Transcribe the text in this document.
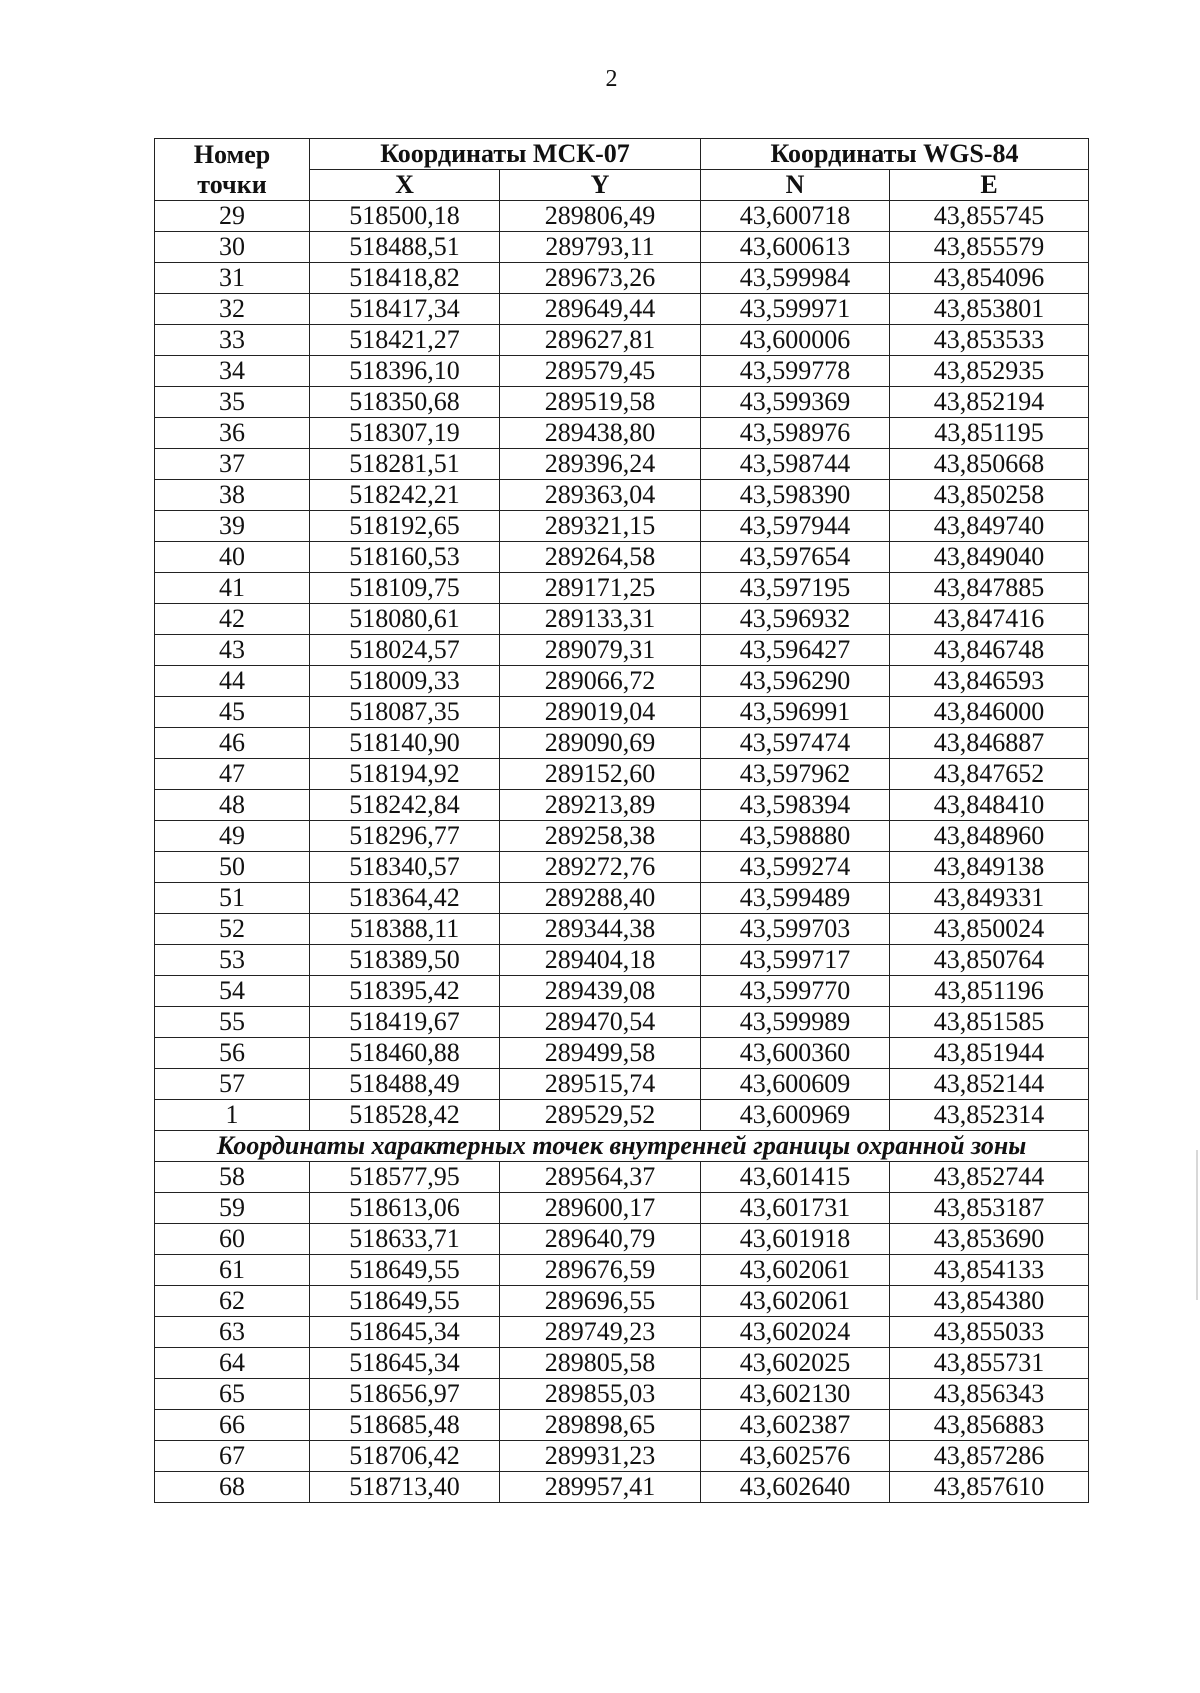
2
Номер
точки	Координаты МСК-07		Координаты WGS-84	
	X	Y	N	E
29	518500,18	289806,49	43,600718	43,855745
30	518488,51	289793,11	43,600613	43,855579
31	518418,82	289673,26	43,599984	43,854096
32	518417,34	289649,44	43,599971	43,853801
33	518421,27	289627,81	43,600006	43,853533
34	518396,10	289579,45	43,599778	43,852935
35	518350,68	289519,58	43,599369	43,852194
36	518307,19	289438,80	43,598976	43,851195
37	518281,51	289396,24	43,598744	43,850668
38	518242,21	289363,04	43,598390	43,850258
39	518192,65	289321,15	43,597944	43,849740
40	518160,53	289264,58	43,597654	43,849040
41	518109,75	289171,25	43,597195	43,847885
42	518080,61	289133,31	43,596932	43,847416
43	518024,57	289079,31	43,596427	43,846748
44	518009,33	289066,72	43,596290	43,846593
45	518087,35	289019,04	43,596991	43,846000
46	518140,90	289090,69	43,597474	43,846887
47	518194,92	289152,60	43,597962	43,847652
48	518242,84	289213,89	43,598394	43,848410
49	518296,77	289258,38	43,598880	43,848960
50	518340,57	289272,76	43,599274	43,849138
51	518364,42	289288,40	43,599489	43,849331
52	518388,11	289344,38	43,599703	43,850024
53	518389,50	289404,18	43,599717	43,850764
54	518395,42	289439,08	43,599770	43,851196
55	518419,67	289470,54	43,599989	43,851585
56	518460,88	289499,58	43,600360	43,851944
57	518488,49	289515,74	43,600609	43,852144
1	518528,42	289529,52	43,600969	43,852314
Координаты характерных точек внутренней границы охранной зоны				
58	518577,95	289564,37	43,601415	43,852744
59	518613,06	289600,17	43,601731	43,853187
60	518633,71	289640,79	43,601918	43,853690
61	518649,55	289676,59	43,602061	43,854133
62	518649,55	289696,55	43,602061	43,854380
63	518645,34	289749,23	43,602024	43,855033
64	518645,34	289805,58	43,602025	43,855731
65	518656,97	289855,03	43,602130	43,856343
66	518685,48	289898,65	43,602387	43,856883
67	518706,42	289931,23	43,602576	43,857286
68	518713,40	289957,41	43,602640	43,857610
